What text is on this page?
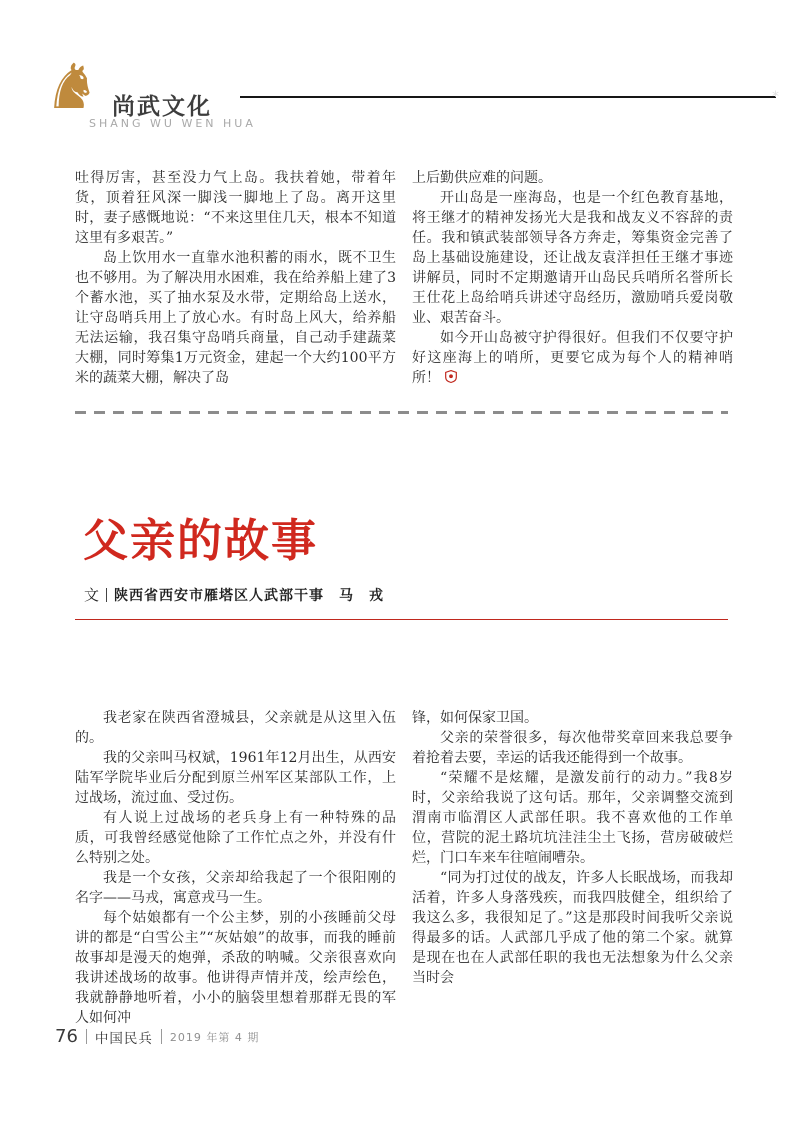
♞ 尚武文化
SHANG WU WEN HUA
*

吐得厉害，甚至没力气上岛。我扶着她，带着年货，顶着狂风深一脚浅一脚地上了岛。离开这里时，妻子感慨地说：“不来这里住几天，根本不知道这里有多艰苦。”

岛上饮用水一直靠水池积蓄的雨水，既不卫生也不够用。为了解决用水困难，我在给养船上建了3个蓄水池，买了抽水泵及水带，定期给岛上送水，让守岛哨兵用上了放心水。有时岛上风大，给养船无法运输，我召集守岛哨兵商量，自己动手建蔬菜大棚，同时筹集1万元资金，建起一个大约100平方米的蔬菜大棚，解决了岛

上后勤供应难的问题。

开山岛是一座海岛，也是一个红色教育基地，将王继才的精神发扬光大是我和战友义不容辞的责任。我和镇武装部领导各方奔走，筹集资金完善了岛上基础设施建设，还让战友袁洋担任王继才事迹讲解员，同时不定期邀请开山岛民兵哨所名誉所长王仕花上岛给哨兵讲述守岛经历，激励哨兵爱岗敬业、艰苦奋斗。

如今开山岛被守护得很好。但我们不仅要守护好这座海上的哨所，更要它成为每个人的精神哨所！

父亲的故事
文 陕西省西安市雁塔区人武部干事　马　戎

我老家在陕西省澄城县，父亲就是从这里入伍的。

我的父亲叫马权斌，1961年12月出生，从西安陆军学院毕业后分配到原兰州军区某部队工作，上过战场，流过血、受过伤。

有人说上过战场的老兵身上有一种特殊的品质，可我曾经感觉他除了工作忙点之外，并没有什么特别之处。

我是一个女孩，父亲却给我起了一个很阳刚的名字——马戎，寓意戎马一生。

每个姑娘都有一个公主梦，别的小孩睡前父母讲的都是“白雪公主”“灰姑娘”的故事，而我的睡前故事却是漫天的炮弹，杀敌的呐喊。父亲很喜欢向我讲述战场的故事。他讲得声情并茂，绘声绘色，我就静静地听着，小小的脑袋里想着那群无畏的军人如何冲

锋，如何保家卫国。

父亲的荣誉很多，每次他带奖章回来我总要争着抢着去要，幸运的话我还能得到一个故事。

“荣耀不是炫耀，是激发前行的动力。”我8岁时，父亲给我说了这句话。那年，父亲调整交流到渭南市临渭区人武部任职。我不喜欢他的工作单位，营院的泥土路坑坑洼洼尘土飞扬，营房破破烂烂，门口车来车往喧闹嘈杂。

“同为打过仗的战友，许多人长眠战场，而我却活着，许多人身落残疾，而我四肢健全，组织给了我这么多，我很知足了。”这是那段时间我听父亲说得最多的话。人武部几乎成了他的第二个家。就算是现在也在人武部任职的我也无法想象为什么父亲当时会

76 中国民兵 2019 年第 4 期
